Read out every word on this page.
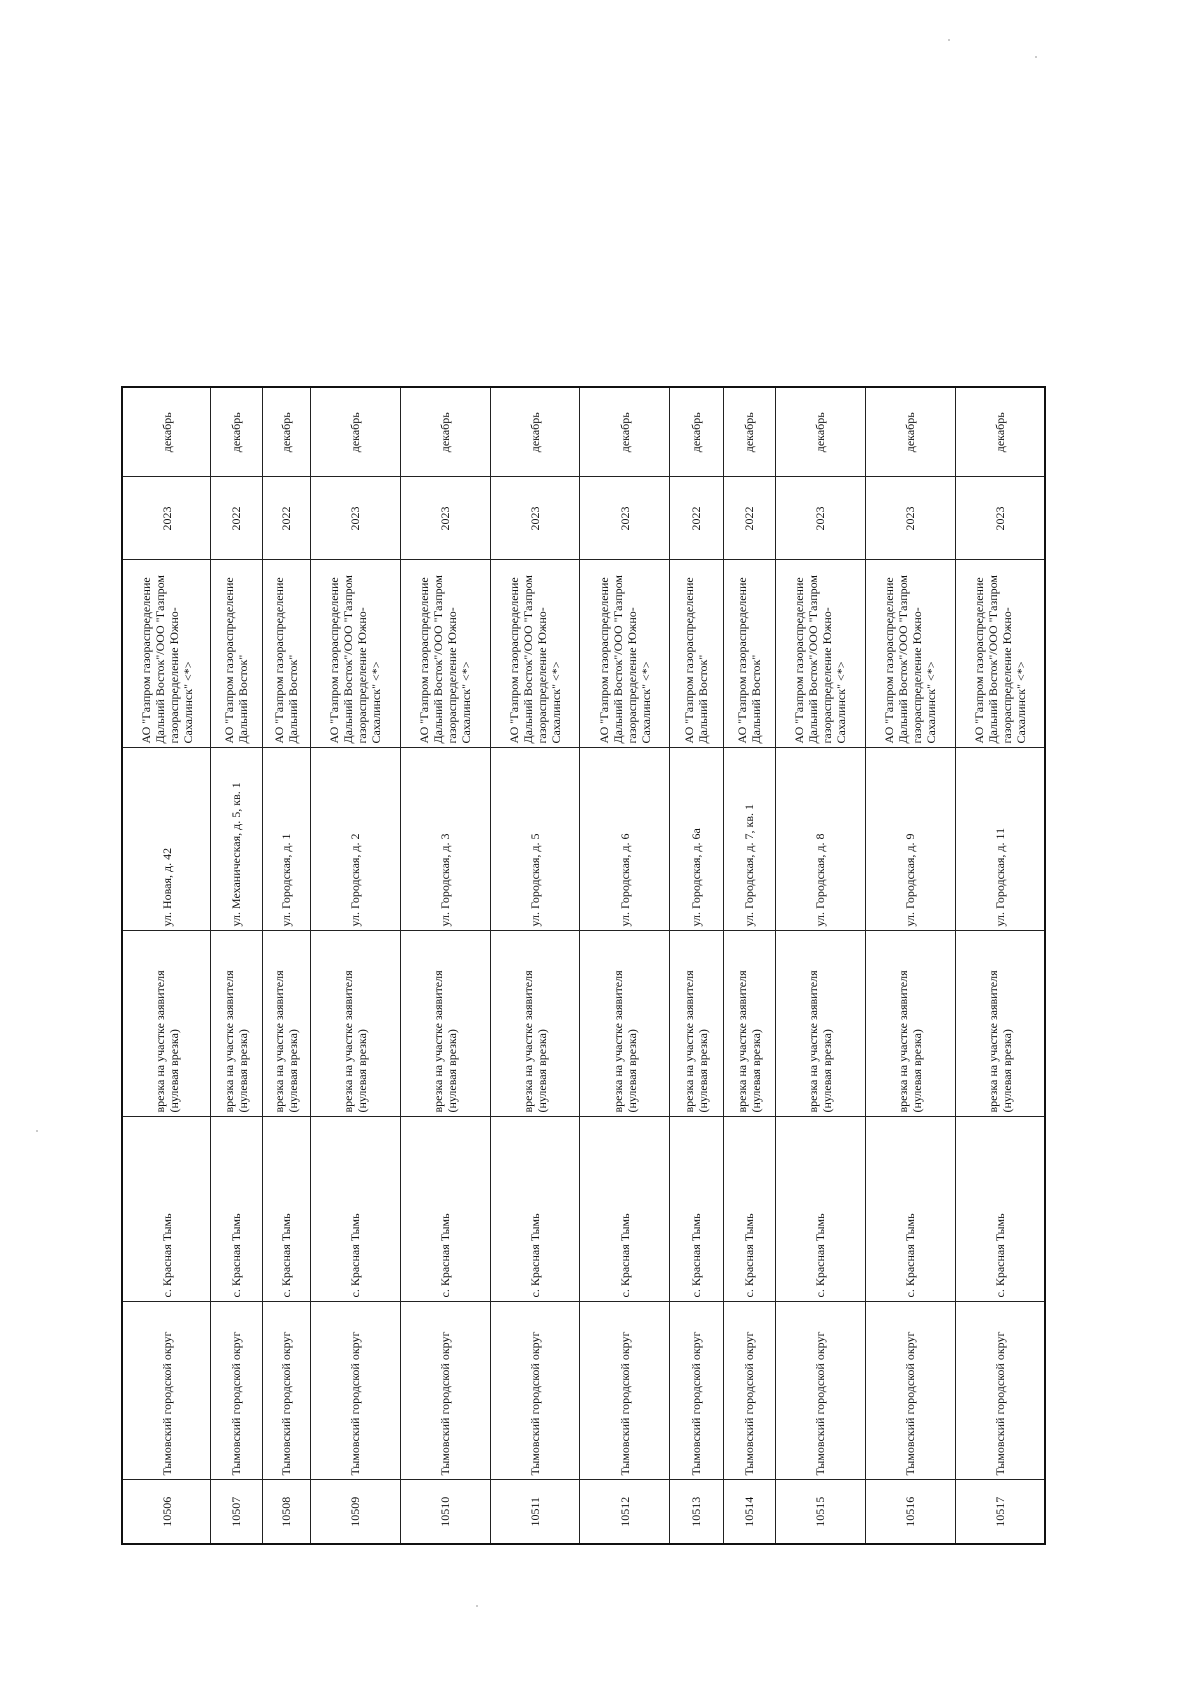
10506	Тымовский городской округ	с. Красная Тымь	врезка на участке заявителя (нулевая врезка)	ул. Новая, д. 42	АО "Газпром газораспределение Дальний Восток"/ООО "Газпром газораспределение Южно-Сахалинск" <*>	2023	декабрь
10507	Тымовский городской округ	с. Красная Тымь	врезка на участке заявителя (нулевая врезка)	ул. Механическая, д. 5, кв. 1	АО "Газпром газораспределение Дальний Восток"	2022	декабрь
10508	Тымовский городской округ	с. Красная Тымь	врезка на участке заявителя (нулевая врезка)	ул. Городская, д. 1	АО "Газпром газораспределение Дальний Восток"	2022	декабрь
10509	Тымовский городской округ	с. Красная Тымь	врезка на участке заявителя (нулевая врезка)	ул. Городская, д. 2	АО "Газпром газораспределение Дальний Восток"/ООО "Газпром газораспределение Южно-Сахалинск" <*>	2023	декабрь
10510	Тымовский городской округ	с. Красная Тымь	врезка на участке заявителя (нулевая врезка)	ул. Городская, д. 3	АО "Газпром газораспределение Дальний Восток"/ООО "Газпром газораспределение Южно-Сахалинск" <*>	2023	декабрь
10511	Тымовский городской округ	с. Красная Тымь	врезка на участке заявителя (нулевая врезка)	ул. Городская, д. 5	АО "Газпром газораспределение Дальний Восток"/ООО "Газпром газораспределение Южно-Сахалинск" <*>	2023	декабрь
10512	Тымовский городской округ	с. Красная Тымь	врезка на участке заявителя (нулевая врезка)	ул. Городская, д. 6	АО "Газпром газораспределение Дальний Восток"/ООО "Газпром газораспределение Южно-Сахалинск" <*>	2023	декабрь
10513	Тымовский городской округ	с. Красная Тымь	врезка на участке заявителя (нулевая врезка)	ул. Городская, д. 6а	АО "Газпром газораспределение Дальний Восток"	2022	декабрь
10514	Тымовский городской округ	с. Красная Тымь	врезка на участке заявителя (нулевая врезка)	ул. Городская, д. 7, кв. 1	АО "Газпром газораспределение Дальний Восток"	2022	декабрь
10515	Тымовский городской округ	с. Красная Тымь	врезка на участке заявителя (нулевая врезка)	ул. Городская, д. 8	АО "Газпром газораспределение Дальний Восток"/ООО "Газпром газораспределение Южно-Сахалинск" <*>	2023	декабрь
10516	Тымовский городской округ	с. Красная Тымь	врезка на участке заявителя (нулевая врезка)	ул. Городская, д. 9	АО "Газпром газораспределение Дальний Восток"/ООО "Газпром газораспределение Южно-Сахалинск" <*>	2023	декабрь
10517	Тымовский городской округ	с. Красная Тымь	врезка на участке заявителя (нулевая врезка)	ул. Городская, д. 11	АО "Газпром газораспределение Дальний Восток"/ООО "Газпром газораспределение Южно-Сахалинск" <*>	2023	декабрь
